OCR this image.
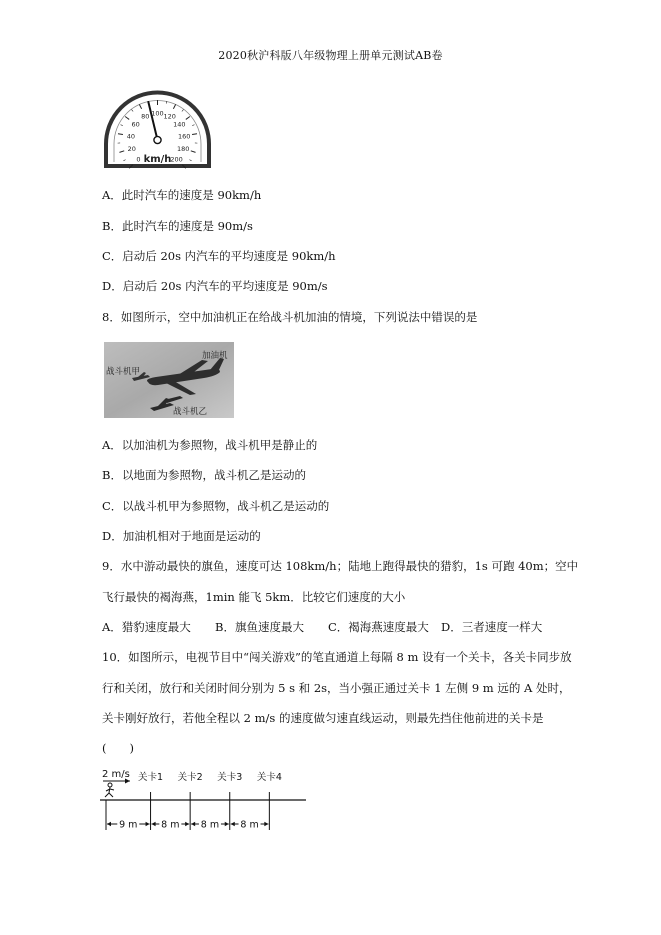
2020秋沪科版八年级物理上册单元测试AB卷
0
20
40
60
80 100 120
140
160
180
200
km/h
A．此时汽车的速度是 90km/h
B．此时汽车的速度是 90m/s
C．启动后 20s 内汽车的平均速度是 90km/h
D．启动后 20s 内汽车的平均速度是 90m/s
8．如图所示，空中加油机正在给战斗机加油的情境，下列说法中错误的是
加油机
战斗机甲
战斗机乙
A．以加油机为参照物，战斗机甲是静止的
B．以地面为参照物，战斗机乙是运动的
C．以战斗机甲为参照物，战斗机乙是运动的
D．加油机相对于地面是运动的
9．水中游动最快的旗鱼，速度可达 108km/h；陆地上跑得最快的猎豹，1s 可跑 40m；空中
飞行最快的褐海燕，1min 能飞 5km．比较它们速度的大小
A．猎豹速度最大 B．旗鱼速度最大 C．褐海燕速度最大 D．三者速度一样大
10．如图所示，电视节目中“闯关游戏”的笔直通道上每隔 8 m 设有一个关卡，各关卡同步放
行和关闭，放行和关闭时间分别为 5 s 和 2s，当小强正通过关卡 1 左侧 9 m 远的 A 处时，
关卡刚好放行，若他全程以 2 m/s 的速度做匀速直线运动，则最先挡住他前进的关卡是
(　　)
2 m/s 关卡1 关卡2 关卡3 关卡4
9 m 8 m 8 m 8 m
